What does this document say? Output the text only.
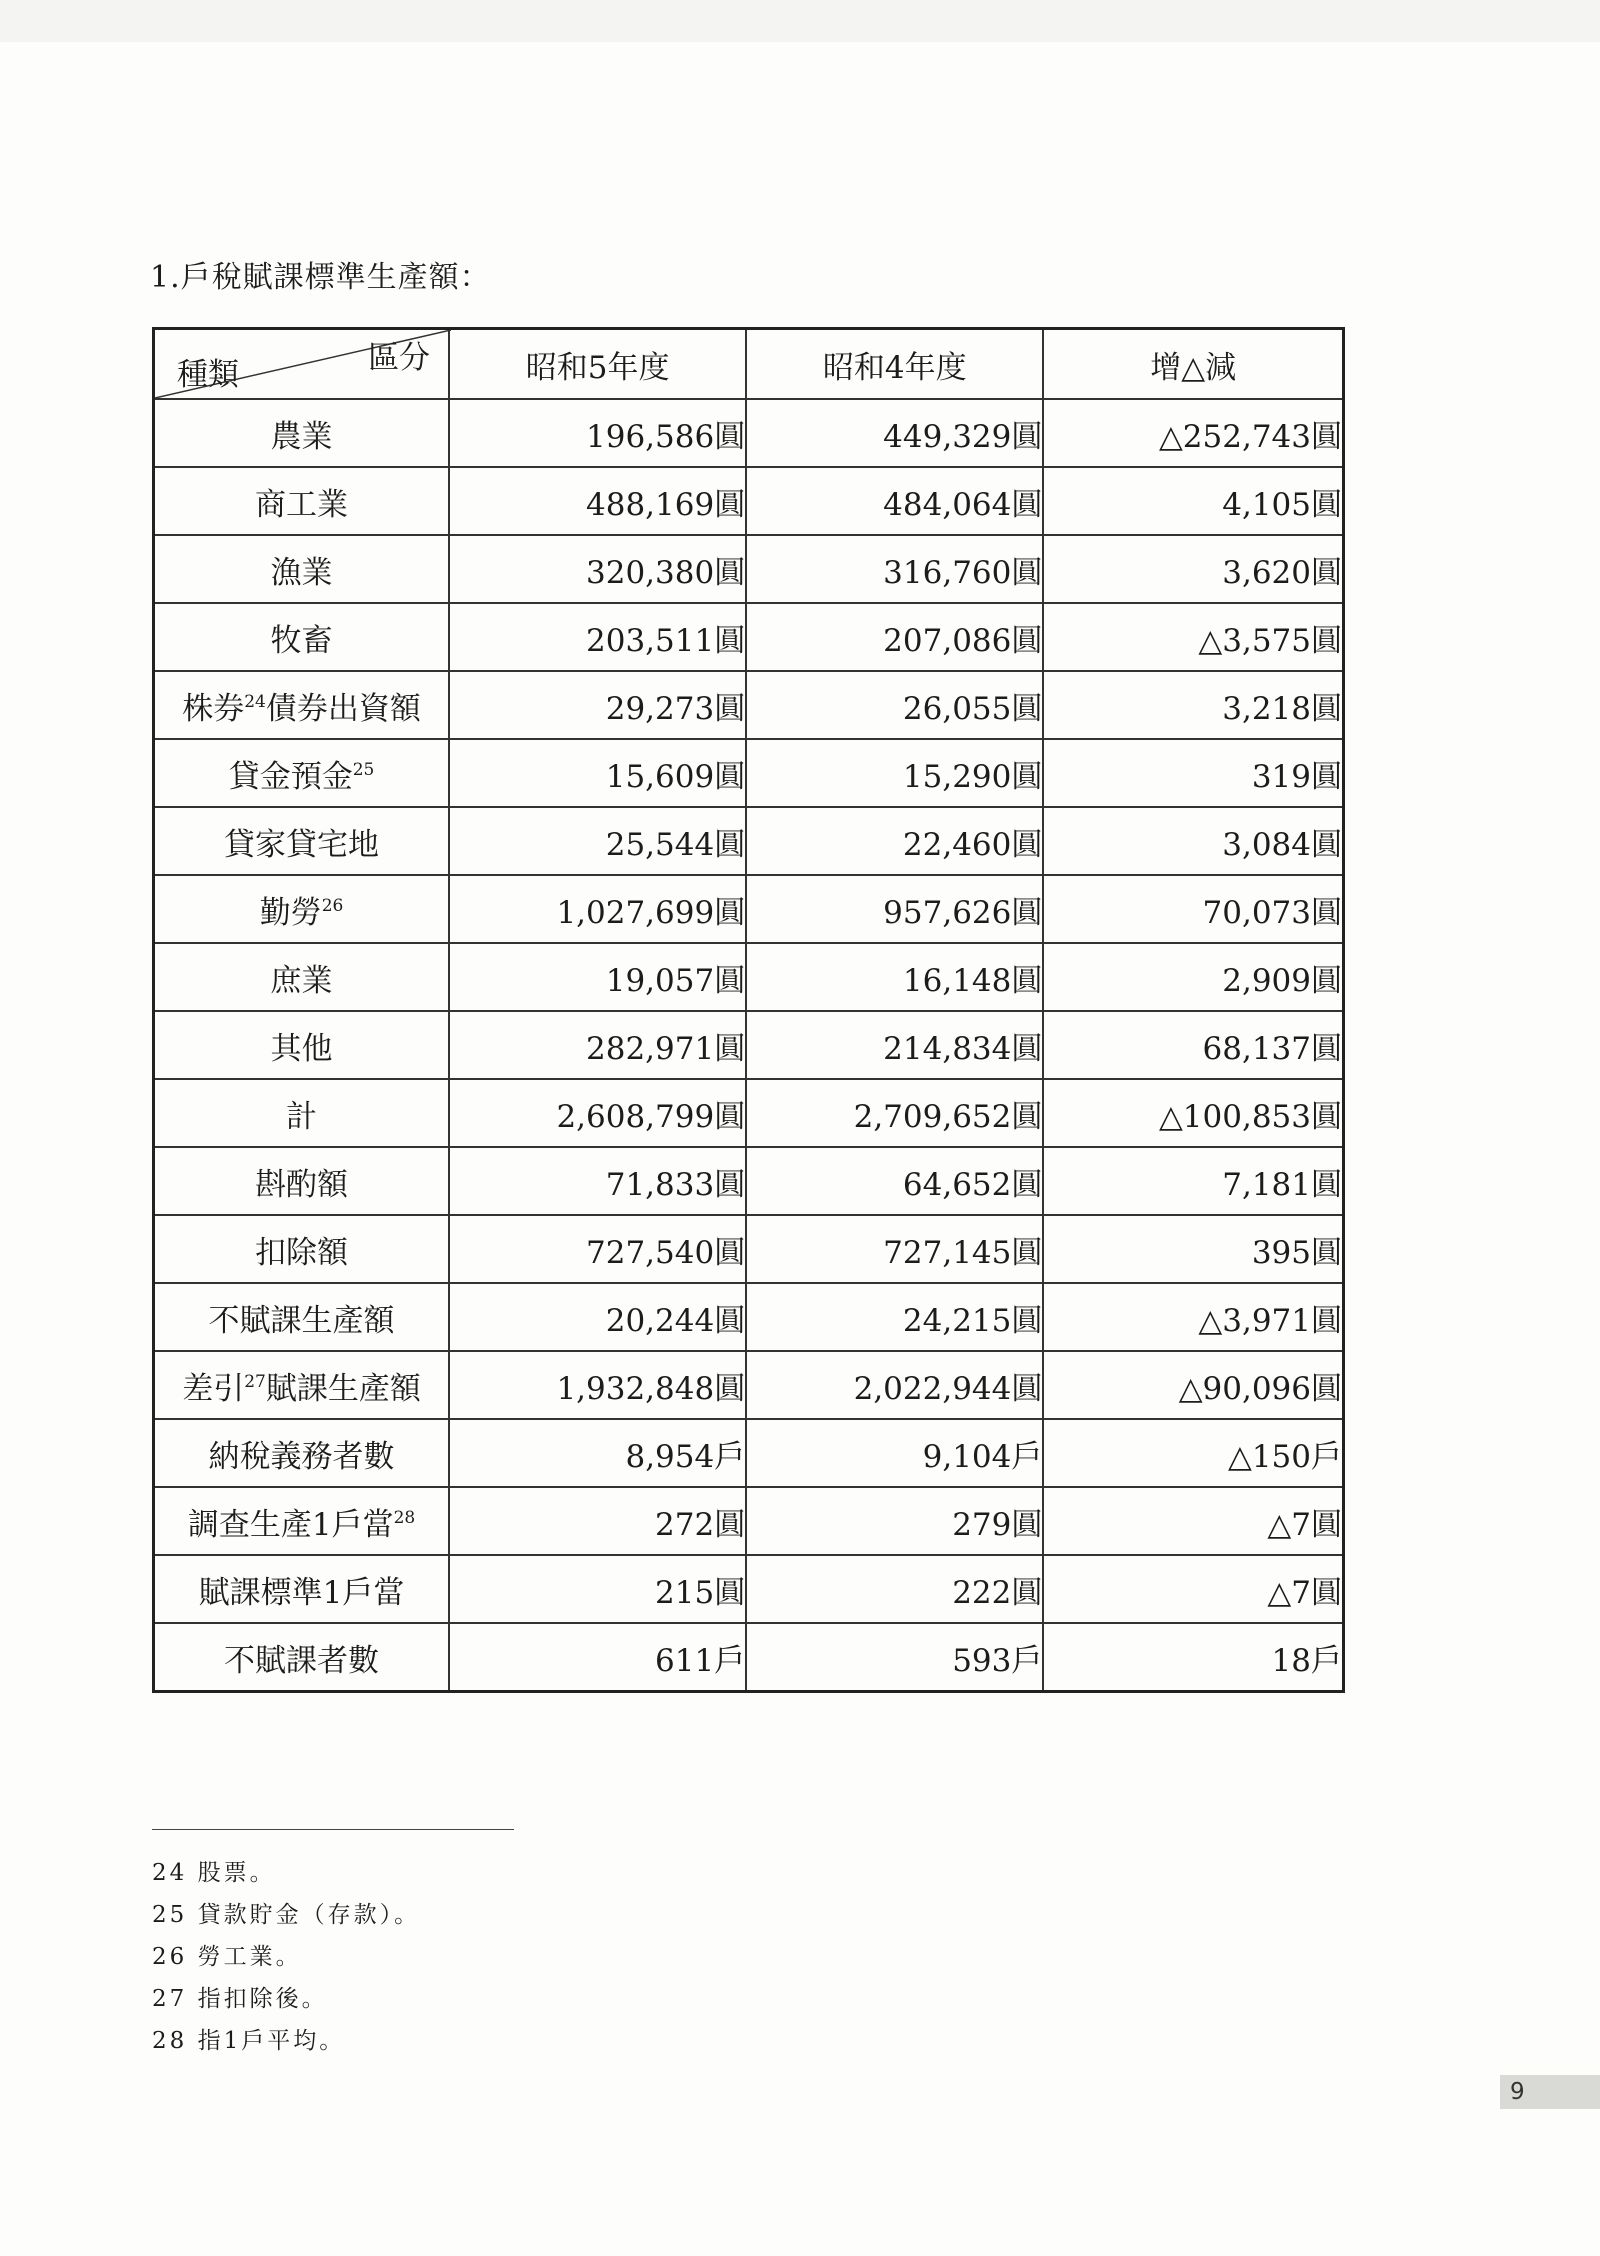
1.戶稅賦課標準生產額：
區分
種類	昭和5年度	昭和4年度	增△減
農業	196,586圓	449,329圓	△252,743圓
商工業	488,169圓	484,064圓	4,105圓
漁業	320,380圓	316,760圓	3,620圓
牧畜	203,511圓	207,086圓	△3,575圓
株券$^{24}$債券出資額	29,273圓	26,055圓	3,218圓
貸金預金$^{25}$	15,609圓	15,290圓	319圓
貸家貸宅地	25,544圓	22,460圓	3,084圓
勤勞$^{26}$	1,027,699圓	957,626圓	70,073圓
庶業	19,057圓	16,148圓	2,909圓
其他	282,971圓	214,834圓	68,137圓
計	2,608,799圓	2,709,652圓	△100,853圓
斟酌額	71,833圓	64,652圓	7,181圓
扣除額	727,540圓	727,145圓	395圓
不賦課生產額	20,244圓	24,215圓	△3,971圓
差引$^{27}$賦課生產額	1,932,848圓	2,022,944圓	△90,096圓
納稅義務者數	8,954戶	9,104戶	△150戶
調查生產1戶當$^{28}$	272圓	279圓	△7圓
賦課標準1戶當	215圓	222圓	△7圓
不賦課者數	611戶	593戶	18戶
24 股票。
25 貸款貯金（存款）。
26 勞工業。
27 指扣除後。
28 指1戶平均。
9
